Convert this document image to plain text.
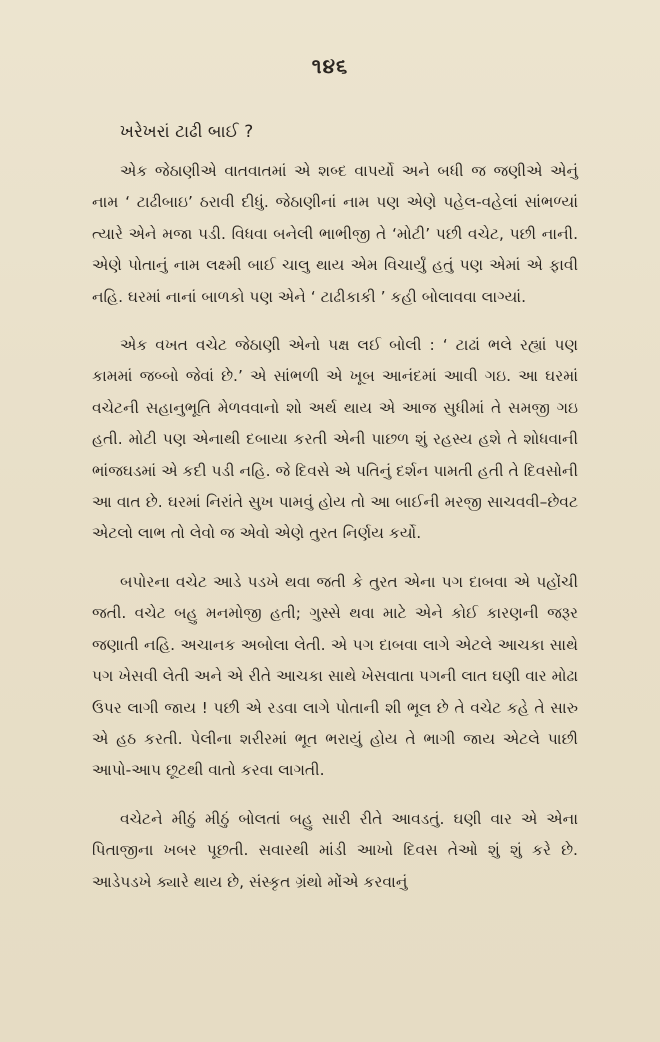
૧૪૬
ખરેખરાં ટાઢી બાઈ ?

એક જેઠાણીએ વાતવાતમાં એ શબ્દ વાપર્યો અને બધી જ જણીએ એનું નામ ‘ ટાઢીબાઇ’ ઠરાવી દીધું. જેઠાણીનાં નામ પણ એણે પહેલ-વહેલાં સાંભળ્યાં ત્યારે એને મજા પડી. વિધવા બનેલી ભાભીજી તે ‘મોટી’ પછી વચેટ, પછી નાની. એણે પોતાનું નામ લક્ષ્મી બાઈ ચાલુ થાય એમ વિચાર્યું હતું પણ એમાં એ ફાવી નહિ. ઘરમાં નાનાં બાળકો પણ એને ‘ ટાઢીકાકી ’ કહી બોલાવવા લાગ્યાં.

એક વખત વચેટ જેઠાણી એનો પક્ષ લઈ બોલી : ‘ ટાઢાં ભલે રહ્યાં પણ કામમાં જબ્બો જેવાં છે.’ એ સાંભળી એ ખૂબ આનંદમાં આવી ગઇ. આ ઘરમાં વચેટની સહાનુભૂતિ મેળવવાનો શો અર્થ થાય એ આજ સુધીમાં તે સમજી ગઇ હતી. મોટી પણ એનાથી દબાયા કરતી એની પાછળ શું રહસ્ય હશે તે શોધવાની ભાંજઘડમાં એ કદી પડી નહિ. જે દિવસે એ પતિનું દર્શન પામતી હતી તે દિવસોની આ વાત છે. ઘરમાં નિરાંતે સુખ પામવું હોય તો આ બાઈની મરજી સાચવવી–છેવટ એટલો લાભ તો લેવો જ એવો એણે તુરત નિર્ણય કર્યો.

બપોરના વચેટ આડે પડખે થવા જતી કે તુરત એના પગ દાબવા એ પહોંચી જતી. વચેટ બહુ મનમોજી હતી; ગુસ્સે થવા માટે એને કોઈ કારણની જરૂર જણાતી નહિ. અચાનક અબોલા લેતી. એ પગ દાબવા લાગે એટલે આચકા સાથે પગ ખેસવી લેતી અને એ રીતે આચકા સાથે ખેસવાતા પગની લાત ઘણી વાર મોઢા ઉપર લાગી જાય ! પછી એ રડવા લાગે પોતાની શી ભૂલ છે તે વચેટ કહે તે સારુ એ હઠ કરતી. પેલીના શરીરમાં ભૂત ભરાયું હોય તે ભાગી જાય એટલે પાછી આપો-આપ છૂટથી વાતો કરવા લાગતી.

વચેટને મીઠું મીઠું બોલતાં બહુ સારી રીતે આવડતું. ઘણી વાર એ એના પિતાજીના ખબર પૂછતી. સવારથી માંડી આખો દિવસ તેઓ શું શું કરે છે. આડેપડખે ક્યારે થાય છે, સંસ્કૃત ગ્રંથો મોંએ કરવાનું
